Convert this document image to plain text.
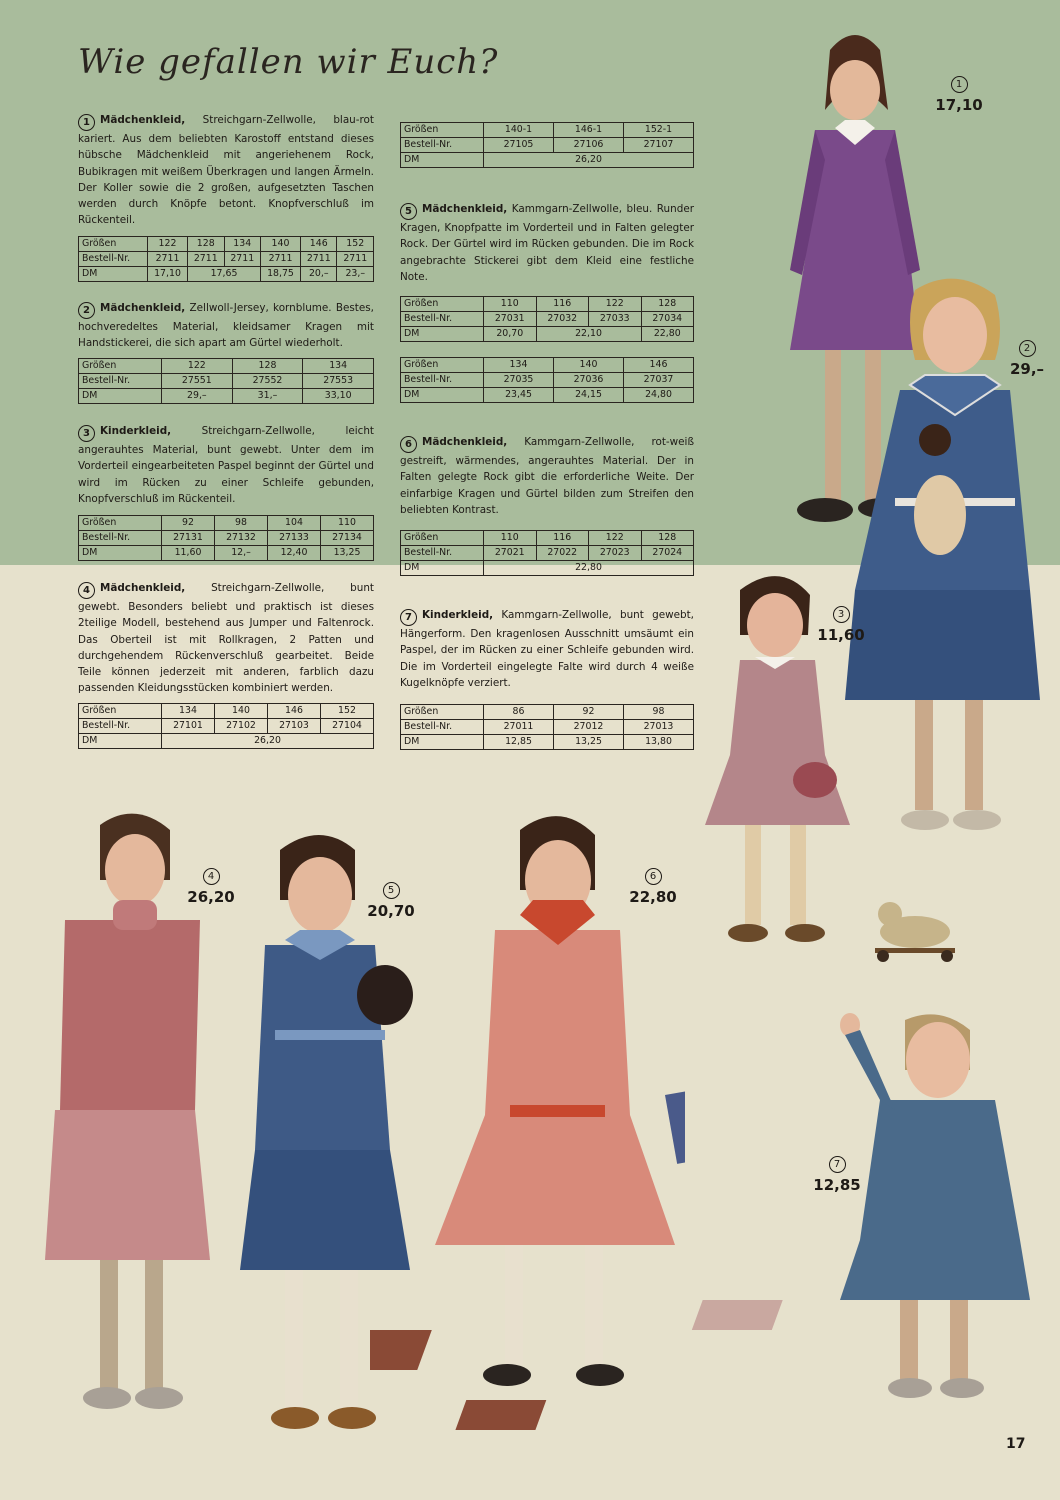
Wie gefallen wir Euch?

1 Mädchenkleid, Streichgarn-Zellwolle, blau-rot kariert. Aus dem beliebten Karostoff entstand dieses hübsche Mädchenkleid mit angeriehenem Rock, Bubikragen mit weißem Überkragen und langen Ärmeln. Der Koller sowie die 2 großen, aufgesetzten Taschen werden durch Knöpfe betont. Knopfverschluß im Rückenteil.

Größen	122	128	134	140	146	152
Bestell-Nr.	2711	2711	2711	2711	2711	2711
DM	17,10	17,65		18,75	20,–	23,–
Größen	140-1	146-1	152-1
Bestell-Nr.	27105	27106	27107
DM	26,20		

2 Mädchenkleid, Zellwoll-Jersey, kornblume. Bestes, hochveredeltes Material, kleidsamer Kragen mit Handstickerei, die sich apart am Gürtel wiederholt.

Größen	122	128	134
Bestell-Nr.	27551	27552	27553
DM	29,–	31,–	33,10

3 Kinderkleid,	Streichgarn-Zellwolle, leicht angerauhtes Material, bunt gewebt. Unter dem im Vorderteil eingearbeiteten Paspel beginnt der Gürtel und wird im Rücken zu einer Schleife gebunden, Knopfverschluß im Rückenteil.

Größen	92	98	104	110
Bestell-Nr.	27131	27132	27133	27134
DM	11,60	12,–	12,40	13,25

4 Mädchenkleid, Streichgarn-Zellwolle, bunt gewebt. Besonders beliebt und praktisch ist dieses 2teilige Modell, bestehend aus Jumper und Faltenrock. Das Oberteil ist mit Rollkragen, 2 Patten und durchgehendem Rückenverschluß gearbeitet. Beide Teile können jederzeit mit anderen, farblich dazu passenden Kleidungsstücken kombiniert werden.

Größen	134	140	146	152
Bestell-Nr.	27101	27102	27103	27104
DM	26,20			

5 Mädchenkleid, Kammgarn-Zellwolle, bleu. Runder Kragen, Knopfpatte im Vorderteil und in Falten gelegter Rock. Der Gürtel wird im Rücken gebunden. Die im Rock angebrachte Stickerei gibt dem Kleid eine festliche Note.

Größen	110	116	122	128
Bestell-Nr.	27031	27032	27033	27034
DM	20,70	22,10		22,80
Größen	134	140	146
Bestell-Nr.	27035	27036	27037
DM	23,45	24,15	24,80

6 Mädchenkleid, Kammgarn-Zellwolle, rot-weiß gestreift, wärmendes, angerauhtes Material. Der in Falten gelegte Rock gibt die erforderliche Weite. Der einfarbige Kragen und Gürtel bilden zum Streifen den beliebten Kontrast.

Größen	110	116	122	128
Bestell-Nr.	27021	27022	27023	27024
DM	22,80			

7 Kinderkleid, Kammgarn-Zellwolle, bunt gewebt, Hängerform. Den kragenlosen Ausschnitt umsäumt ein Paspel, der im Rücken zu einer Schleife gebunden wird. Die im Vorderteil eingelegte Falte wird durch 4 weiße Kugelknöpfe verziert.

Größen	86	92	98
Bestell-Nr.	27011	27012	27013
DM	12,85	13,25	13,80
1
17,10
2
29,–
3
11,60
4
26,20	5
20,70
6
22,80
7
12,85
17
